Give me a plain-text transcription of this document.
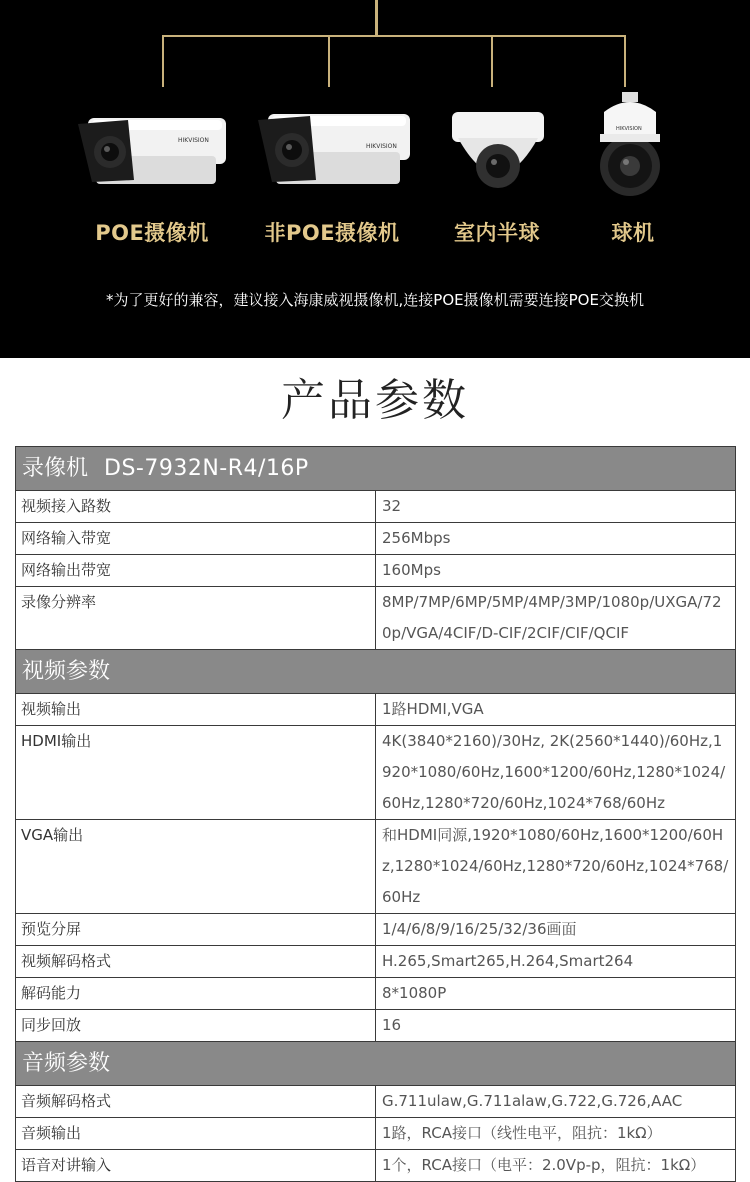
HIKVISION
HIKVISION
HIKVISION
POE摄像机	非POE摄像机	室内半球	球机
*为了更好的兼容，建议接入海康威视摄像机,连接POE摄像机需要连接POE交换机
产品参数
录像机 DS-7932N-R4/16P	
视频接入路数	32
网络输入带宽	256Mbps
网络输出带宽	160Mps
录像分辨率	8MP/7MP/6MP/5MP/4MP/3MP/1080p/UXGA/720p/VGA/4CIF/D-CIF/2CIF/CIF/QCIF
视频参数	
视频输出	1路HDMI,VGA
HDMI输出	4K(3840*2160)/30Hz, 2K(2560*1440)/60Hz,1920*1080/60Hz,1600*1200/60Hz,1280*1024/60Hz,1280*720/60Hz,1024*768/60Hz
VGA输出	和HDMI同源,1920*1080/60Hz,1600*1200/60Hz,1280*1024/60Hz,1280*720/60Hz,1024*768/60Hz
预览分屏	1/4/6/8/9/16/25/32/36画面
视频解码格式	H.265,Smart265,H.264,Smart264
解码能力	8*1080P
同步回放	16
音频参数	
音频解码格式	G.711ulaw,G.711alaw,G.722,G.726,AAC
音频输出	1路，RCA接口（线性电平，阻抗：1kΩ）
语音对讲输入	1个，RCA接口（电平：2.0Vp-p，阻抗：1kΩ）
